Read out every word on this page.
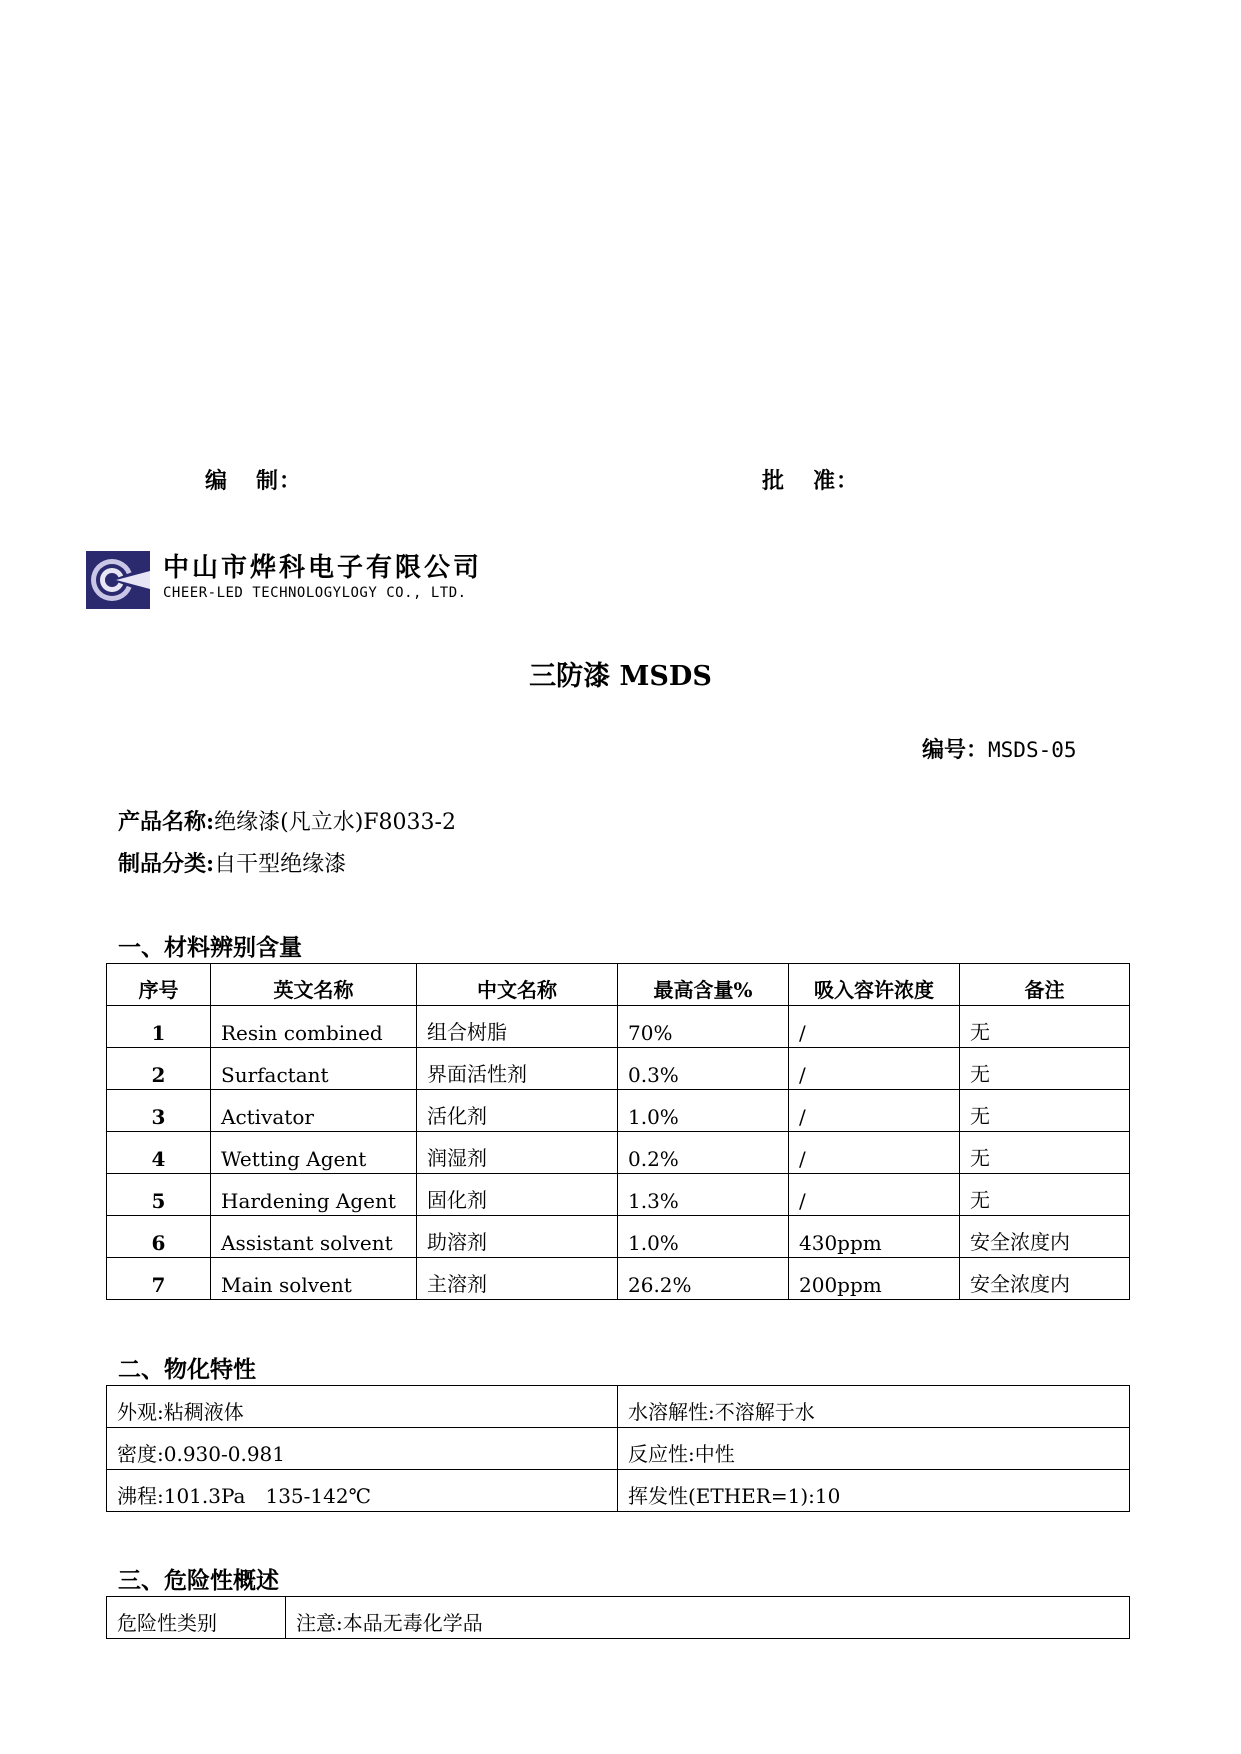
编 制：	批 准：
中山市烨科电子有限公司
CHEER-LED TECHNOLOGYLOGY CO., LTD.
三防漆 MSDS
编号：MSDS-05
产品名称:绝缘漆(凡立水)F8033-2
制品分类:自干型绝缘漆
一、材料辨别含量
序号	英文名称	中文名称	最高含量%	吸入容许浓度	备注
1	Resin combined	组合树脂	70%	/	无
2	Surfactant	界面活性剂	0.3%	/	无
3	Activator	活化剂	1.0%	/	无
4	Wetting Agent	润湿剂	0.2%	/	无
5	Hardening Agent	固化剂	1.3%	/	无
6	Assistant solvent	助溶剂	1.0%	430ppm	安全浓度内
7	Main solvent	主溶剂	26.2%	200ppm	安全浓度内
二、物化特性
外观:粘稠液体	水溶解性:不溶解于水
密度:0.930-0.981	反应性:中性
沸程:101.3Pa　135-142℃	挥发性(ETHER=1):10
三、危险性概述
危险性类别	注意:本品无毒化学品
